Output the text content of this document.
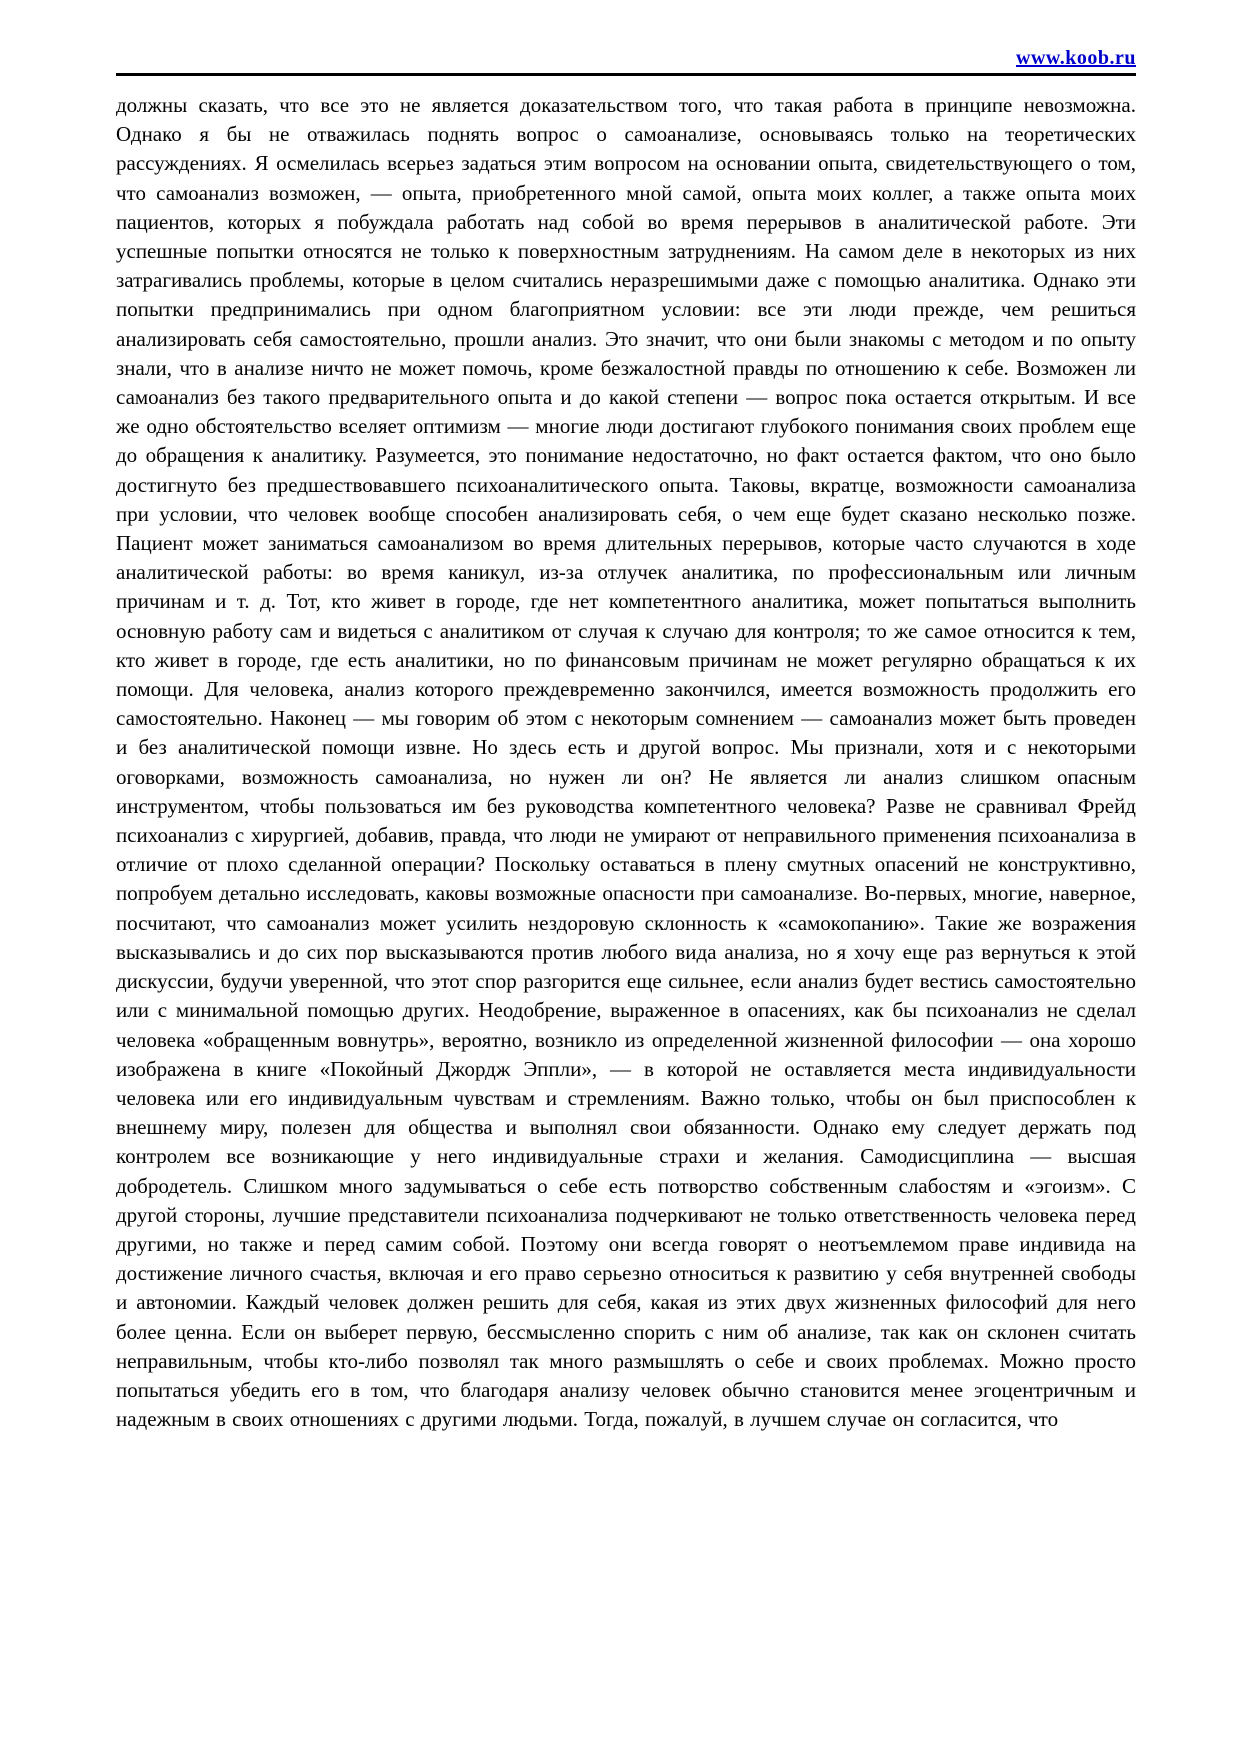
www.koob.ru
должны сказать, что все это не является доказательством того, что такая работа в принципе невозможна. Однако я бы не отважилась поднять вопрос о самоанализе, основываясь только на теоретических рассуждениях. Я осмелилась всерьез задаться этим вопросом на основании опыта, свидетельствующего о том, что самоанализ возможен, — опыта, приобретенного мной самой, опыта моих коллег, а также опыта моих пациентов, которых я побуждала работать над собой во время перерывов в аналитической работе. Эти успешные попытки относятся не только к поверхностным затруднениям. На самом деле в некоторых из них затрагивались проблемы, которые в целом считались неразрешимыми даже с помощью аналитика. Однако эти попытки предпринимались при одном благоприятном условии: все эти люди прежде, чем решиться анализировать себя самостоятельно, прошли анализ. Это значит, что они были знакомы с методом и по опыту знали, что в анализе ничто не может помочь, кроме безжалостной правды по отношению к себе. Возможен ли самоанализ без такого предварительного опыта и до какой степени — вопрос пока остается открытым. И все же одно обстоятельство вселяет оптимизм — многие люди достигают глубокого понимания своих проблем еще до обращения к аналитику. Разумеется, это понимание недостаточно, но факт остается фактом, что оно было достигнуто без предшествовавшего психоаналитического опыта. Таковы, вкратце, возможности самоанализа при условии, что человек вообще способен анализировать себя, о чем еще будет сказано несколько позже. Пациент может заниматься самоанализом во время длительных перерывов, которые часто случаются в ходе аналитической работы: во время каникул, из-за отлучек аналитика, по профессиональным или личным причинам и т. д. Тот, кто живет в городе, где нет компетентного аналитика, может попытаться выполнить основную работу сам и видеться с аналитиком от случая к случаю для контроля; то же самое относится к тем, кто живет в городе, где есть аналитики, но по финансовым причинам не может регулярно обращаться к их помощи. Для человека, анализ которого преждевременно закончился, имеется возможность продолжить его самостоятельно. Наконец — мы говорим об этом с некоторым сомнением — самоанализ может быть проведен и без аналитической помощи извне. Но здесь есть и другой вопрос. Мы признали, хотя и с некоторыми оговорками, возможность самоанализа, но нужен ли он? Не является ли анализ слишком опасным инструментом, чтобы пользоваться им без руководства компетентного человека? Разве не сравнивал Фрейд психоанализ с хирургией, добавив, правда, что люди не умирают от неправильного применения психоанализа в отличие от плохо сделанной операции? Поскольку оставаться в плену смутных опасений не конструктивно, попробуем детально исследовать, каковы возможные опасности при самоанализе. Во-первых, многие, наверное, посчитают, что самоанализ может усилить нездоровую склонность к «самокопанию». Такие же возражения высказывались и до сих пор высказываются против любого вида анализа, но я хочу еще раз вернуться к этой дискуссии, будучи уверенной, что этот спор разгорится еще сильнее, если анализ будет вестись самостоятельно или с минимальной помощью других. Неодобрение, выраженное в опасениях, как бы психоанализ не сделал человека «обращенным вовнутрь», вероятно, возникло из определенной жизненной философии — она хорошо изображена в книге «Покойный Джордж Эппли», — в которой не оставляется места индивидуальности человека или его индивидуальным чувствам и стремлениям. Важно только, чтобы он был приспособлен к внешнему миру, полезен для общества и выполнял свои обязанности. Однако ему следует держать под контролем все возникающие у него индивидуальные страхи и желания. Самодисциплина — высшая добродетель. Слишком много задумываться о себе есть потворство собственным слабостям и «эгоизм». С другой стороны, лучшие представители психоанализа подчеркивают не только ответственность человека перед другими, но также и перед самим собой. Поэтому они всегда говорят о неотъемлемом праве индивида на достижение личного счастья, включая и его право серьезно относиться к развитию у себя внутренней свободы и автономии. Каждый человек должен решить для себя, какая из этих двух жизненных философий для него более ценна. Если он выберет первую, бессмысленно спорить с ним об анализе, так как он склонен считать неправильным, чтобы кто-либо позволял так много размышлять о себе и своих проблемах. Можно просто попытаться убедить его в том, что благодаря анализу человек обычно становится менее эгоцентричным и надежным в своих отношениях с другими людьми. Тогда, пожалуй, в лучшем случае он согласится, что
